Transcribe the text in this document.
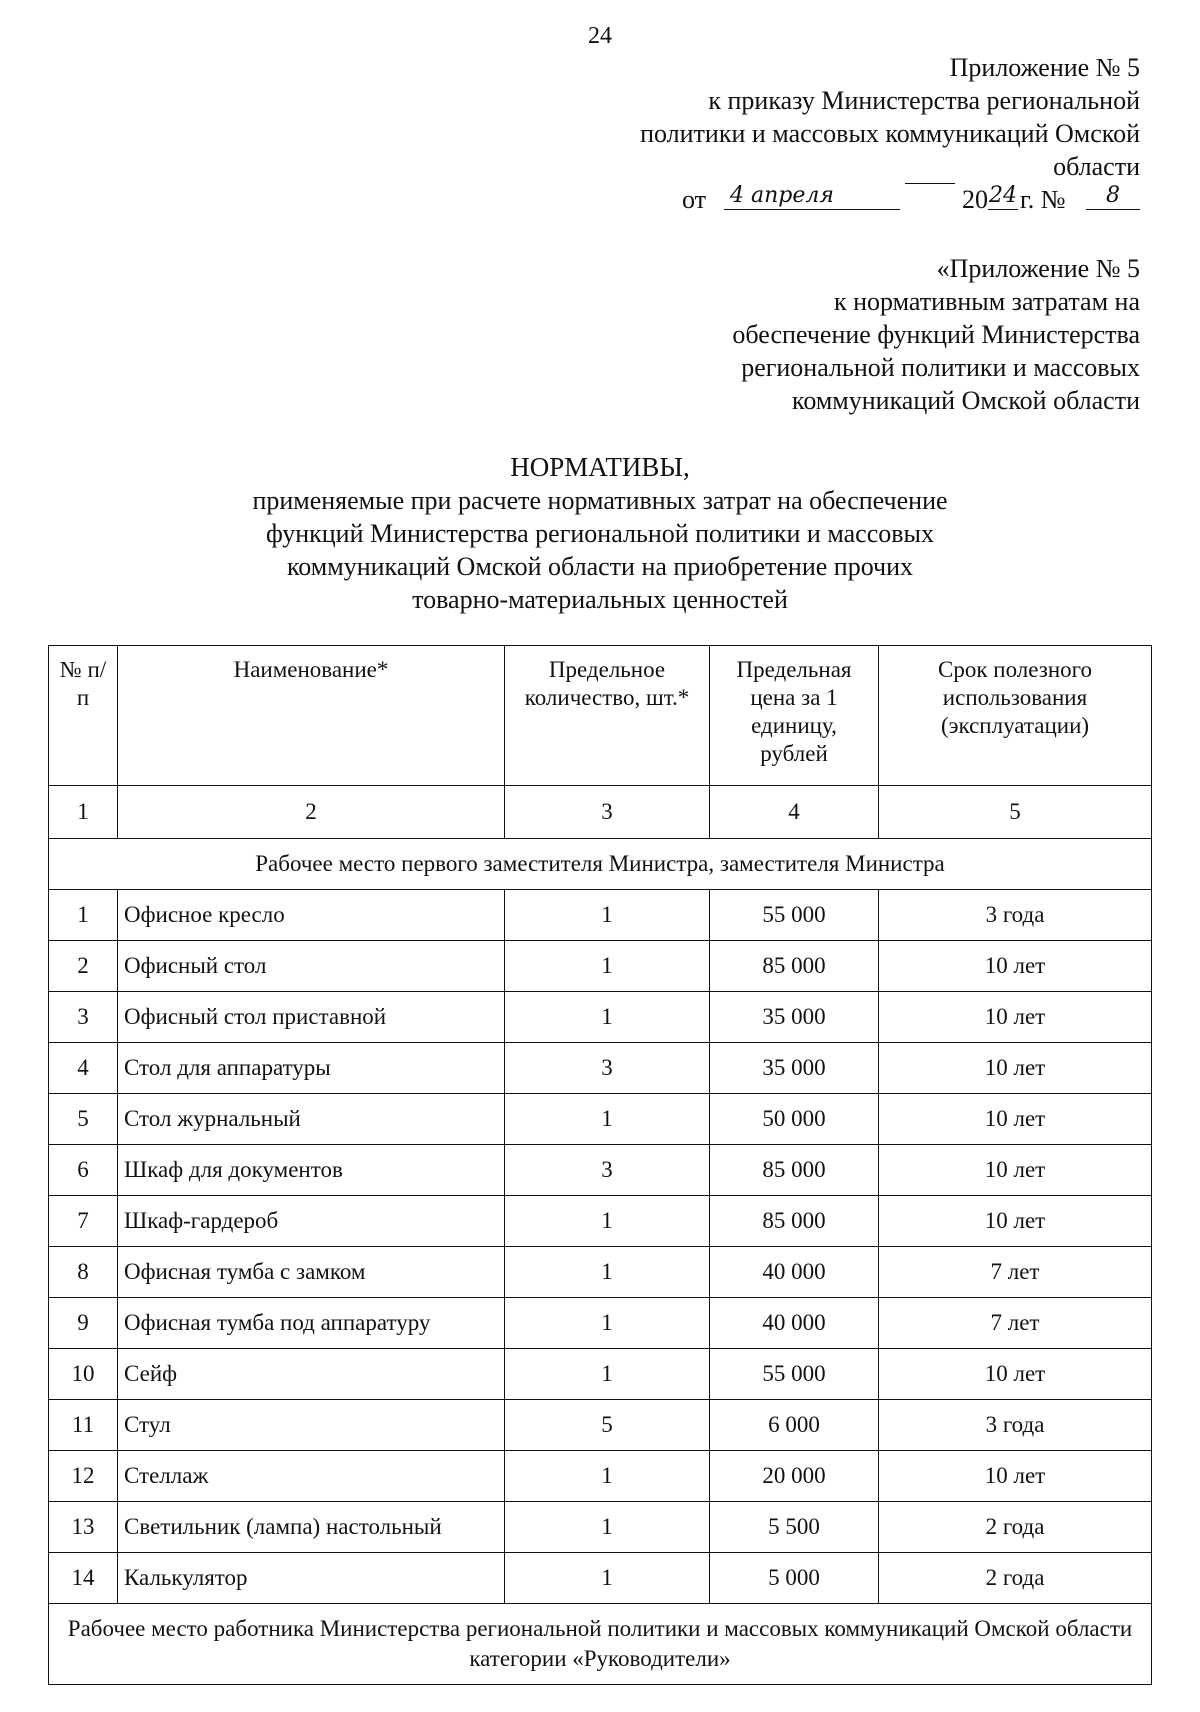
24
Приложение № 5
к приказу Министерства региональной
политики и массовых коммуникаций Омской
области
от 4 апреля	20 24 г. №	8
«Приложение № 5
к нормативным затратам на
обеспечение функций Министерства
региональной политики и массовых
коммуникаций Омской области
НОРМАТИВЫ,
применяемые при расчете нормативных затрат на обеспечение
функций Министерства региональной политики и массовых
коммуникаций Омской области на приобретение прочих
товарно-материальных ценностей
№ п/п	Наименование*	Предельное количество, шт.*	Предельная цена за 1 единицу, рублей	Срок полезного использования (эксплуатации)
1	2	3	4	5
Рабочее место первого заместителя Министра, заместителя Министра				
1	Офисное кресло	1	55 000	3 года
2	Офисный стол	1	85 000	10 лет
3	Офисный стол приставной	1	35 000	10 лет
4	Стол для аппаратуры	3	35 000	10 лет
5	Стол журнальный	1	50 000	10 лет
6	Шкаф для документов	3	85 000	10 лет
7	Шкаф-гардероб	1	85 000	10 лет
8	Офисная тумба с замком	1	40 000	7 лет
9	Офисная тумба под аппаратуру	1	40 000	7 лет
10	Сейф	1	55 000	10 лет
11	Стул	5	6 000	3 года
12	Стеллаж	1	20 000	10 лет
13	Светильник (лампа) настольный	1	5 500	2 года
14	Калькулятор	1	5 000	2 года
Рабочее место работника Министерства региональной политики и массовых коммуникаций Омской области категории «Руководители»				
